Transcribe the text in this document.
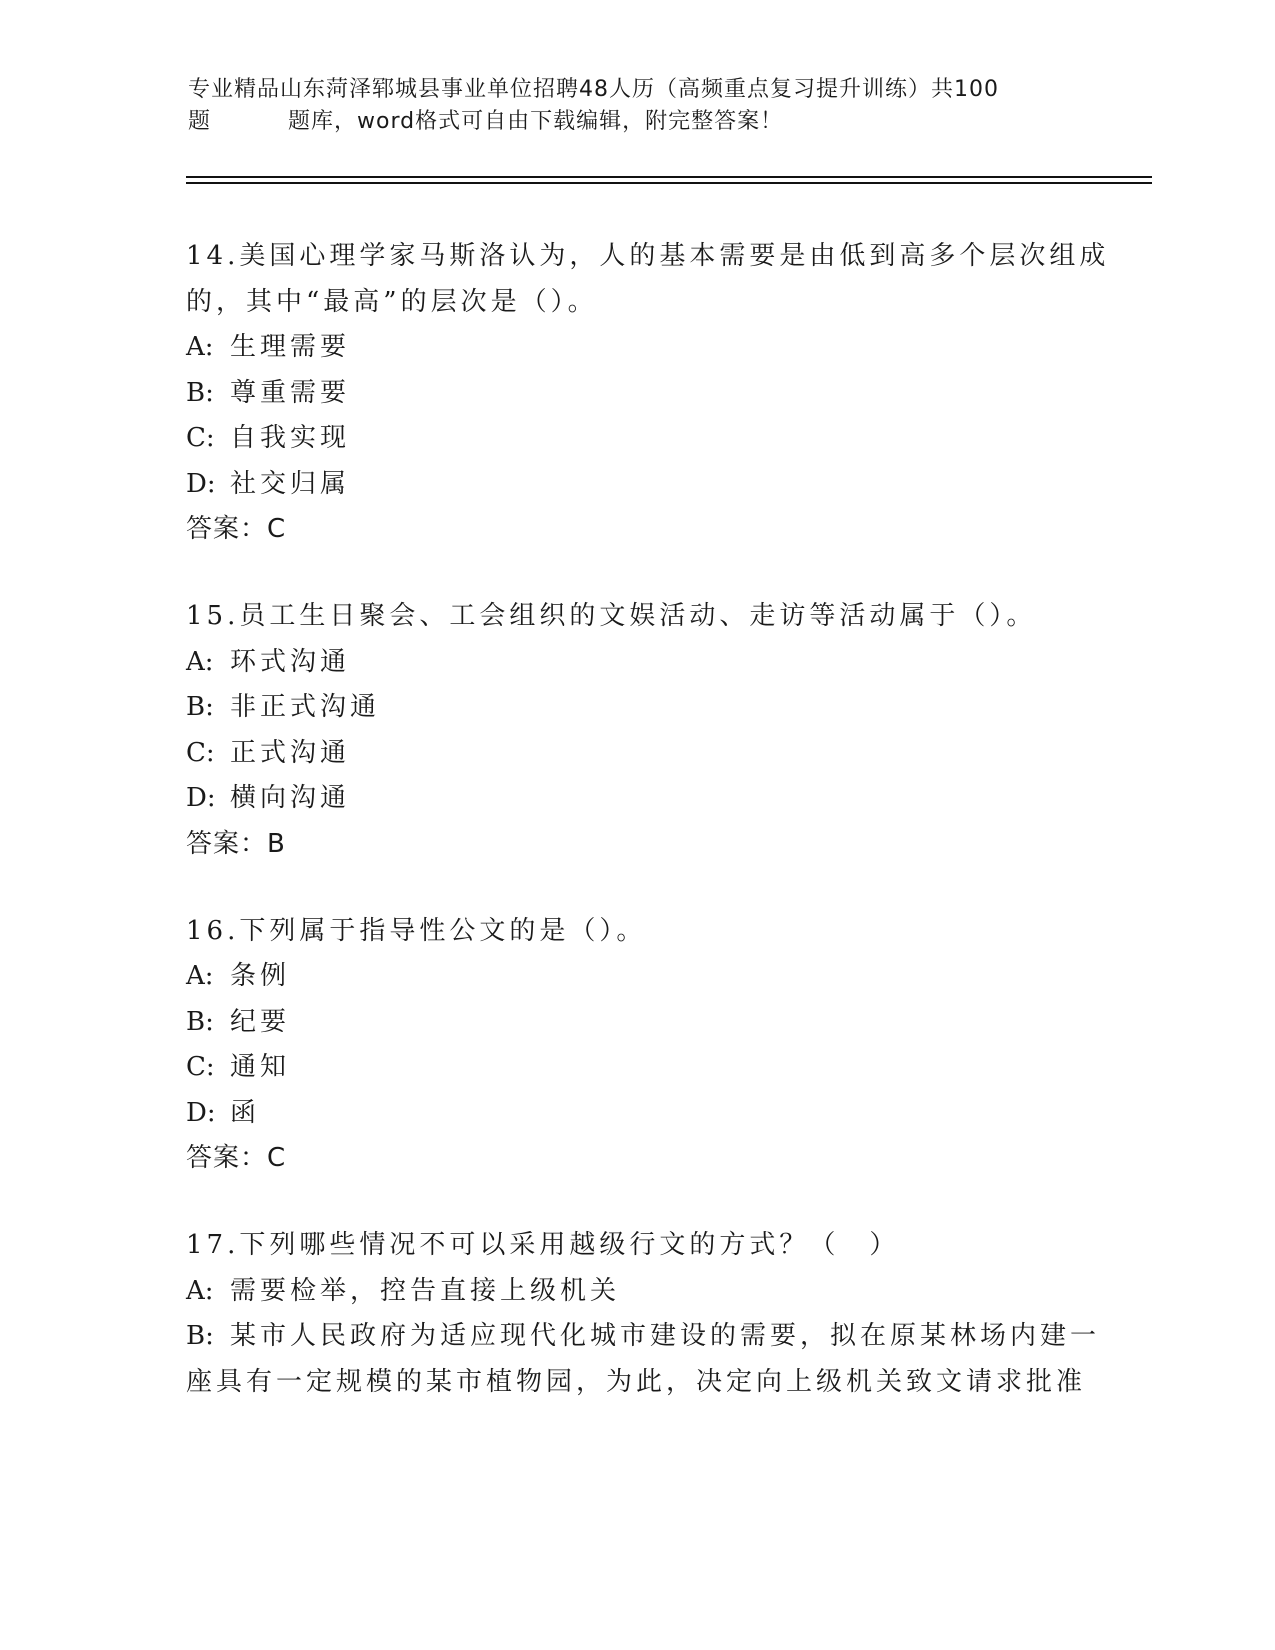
专业精品山东菏泽郓城县事业单位招聘48人历（高频重点复习提升训练）共100
题	题库，word格式可自由下载编辑，附完整答案！
14.美国心理学家马斯洛认为，人的基本需要是由低到高多个层次组成
的，其中“最高”的层次是（）。
A: 生理需要
B: 尊重需要
C: 自我实现
D: 社交归属
答案：C
15.员工生日聚会、工会组织的文娱活动、走访等活动属于（）。
A: 环式沟通
B: 非正式沟通
C: 正式沟通
D: 横向沟通
答案：B
16.下列属于指导性公文的是（）。
A: 条例
B: 纪要
C: 通知
D: 函
答案：C
17.下列哪些情况不可以采用越级行文的方式？（　）
A: 需要检举，控告直接上级机关
B: 某市人民政府为适应现代化城市建设的需要，拟在原某林场内建一
座具有一定规模的某市植物园，为此，决定向上级机关致文请求批准
